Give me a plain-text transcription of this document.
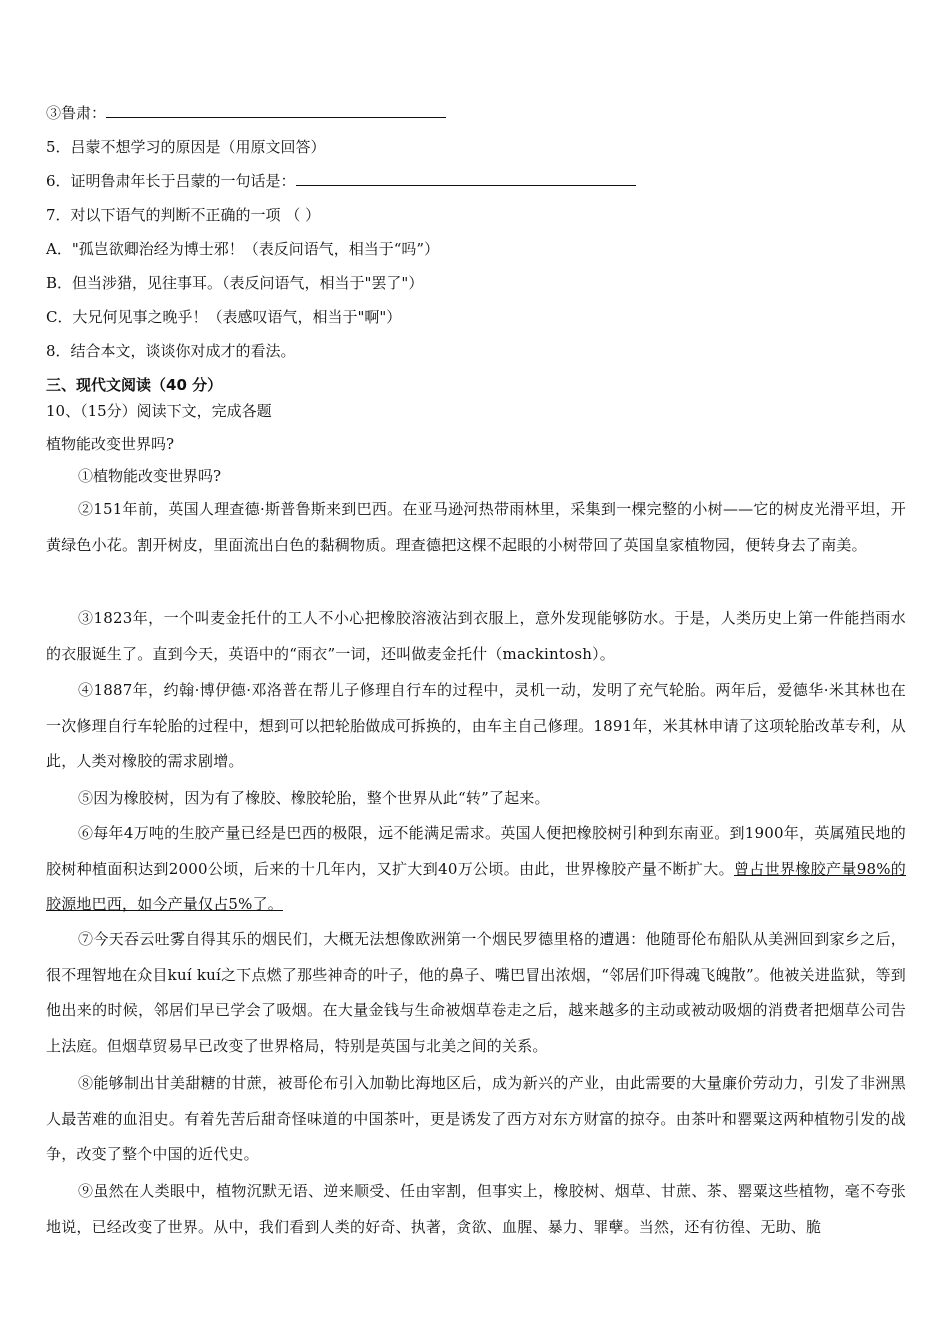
③鲁肃：
5．吕蒙不想学习的原因是（用原文回答）
6．证明鲁肃年长于吕蒙的一句话是：
7．对以下语气的判断不正确的一项 （ ）
A．"孤岂欲卿治经为博士邪！（表反问语气，相当于“吗”）
B．但当涉猎，见往事耳。（表反问语气，相当于"罢了"）
C．大兄何见事之晚乎！（表感叹语气，相当于"啊"）
8．结合本文，谈谈你对成才的看法。
三、现代文阅读（40 分）
10、（15分）阅读下文，完成各题
植物能改变世界吗?
①植物能改变世界吗?
②151年前，英国人理查德·斯普鲁斯来到巴西。在亚马逊河热带雨林里，采集到一棵完整的小树——它的树皮光滑平坦，开黄绿色小花。割开树皮，里面流出白色的黏稠物质。理查德把这棵不起眼的小树带回了英国皇家植物园，便转身去了南美。
③1823年，一个叫麦金托什的工人不小心把橡胶溶液沾到衣服上，意外发现能够防水。于是，人类历史上第一件能挡雨水的衣服诞生了。直到今天，英语中的“雨衣”一词，还叫做麦金托什（mackintosh）。
④1887年，约翰·博伊德·邓洛普在帮儿子修理自行车的过程中，灵机一动，发明了充气轮胎。两年后，爱德华·米其林也在一次修理自行车轮胎的过程中，想到可以把轮胎做成可拆换的，由车主自己修理。1891年，米其林申请了这项轮胎改革专利，从此，人类对橡胶的需求剧增。
⑤因为橡胶树，因为有了橡胶、橡胶轮胎，整个世界从此“转”了起来。
⑥每年4万吨的生胶产量已经是巴西的极限，远不能满足需求。英国人便把橡胶树引种到东南亚。到1900年，英属殖民地的胶树种植面积达到2000公顷，后来的十几年内，又扩大到40万公顷。由此，世界橡胶产量不断扩大。曾占世界橡胶产量98%的胶源地巴西，如今产量仅占5%了。
⑦今天吞云吐雾自得其乐的烟民们，大概无法想像欧洲第一个烟民罗德里格的遭遇：他随哥伦布船队从美洲回到家乡之后，很不理智地在众目kuí kuí之下点燃了那些神奇的叶子，他的鼻子、嘴巴冒出浓烟，“邻居们吓得魂飞魄散”。他被关进监狱，等到他出来的时候，邻居们早已学会了吸烟。在大量金钱与生命被烟草卷走之后，越来越多的主动或被动吸烟的消费者把烟草公司告上法庭。但烟草贸易早已改变了世界格局，特别是英国与北美之间的关系。
⑧能够制出甘美甜糖的甘蔗，被哥伦布引入加勒比海地区后，成为新兴的产业，由此需要的大量廉价劳动力，引发了非洲黑人最苦难的血泪史。有着先苦后甜奇怪味道的中国茶叶，更是诱发了西方对东方财富的掠夺。由茶叶和罂粟这两种植物引发的战争，改变了整个中国的近代史。
⑨虽然在人类眼中，植物沉默无语、逆来顺受、任由宰割，但事实上，橡胶树、烟草、甘蔗、茶、罂粟这些植物，毫不夸张地说，已经改变了世界。从中，我们看到人类的好奇、执著，贪欲、血腥、暴力、罪孽。当然，还有彷徨、无助、脆
